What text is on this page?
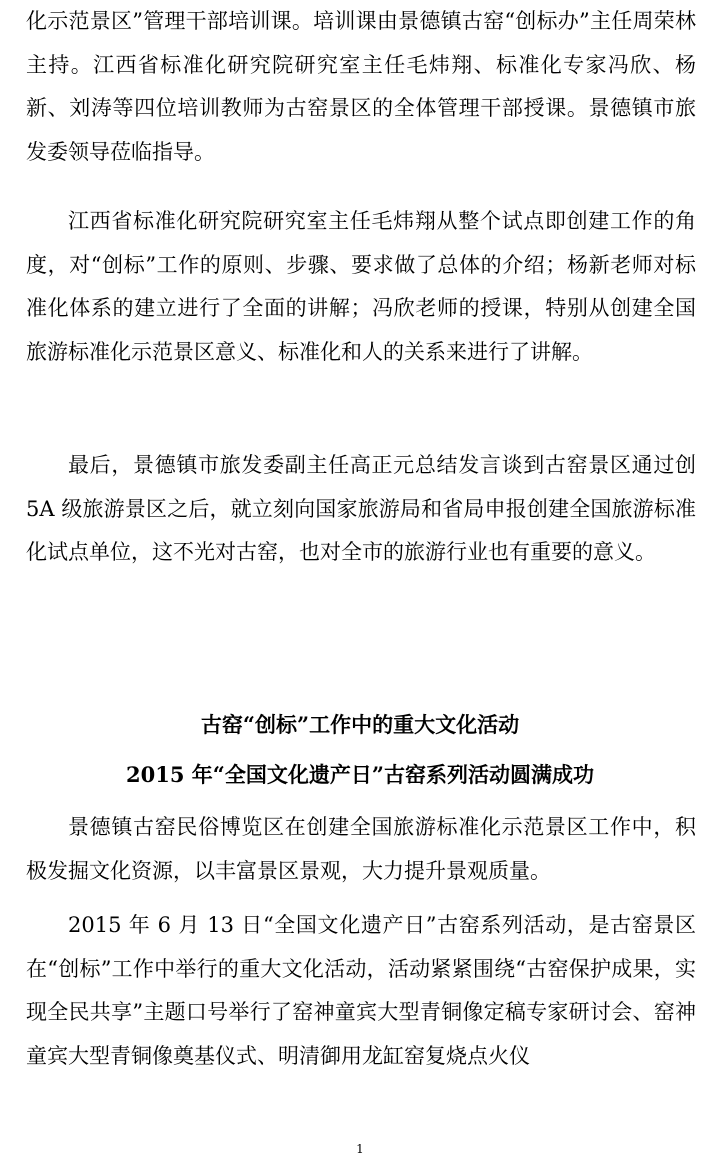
化示范景区”管理干部培训课。培训课由景德镇古窑“创标办”主任周荣林主持。江西省标准化研究院研究室主任毛炜翔、标准化专家冯欣、杨新、刘涛等四位培训教师为古窑景区的全体管理干部授课。景德镇市旅发委领导莅临指导。

江西省标准化研究院研究室主任毛炜翔从整个试点即创建工作的角度，对“创标”工作的原则、步骤、要求做了总体的介绍；杨新老师对标准化体系的建立进行了全面的讲解；冯欣老师的授课，特别从创建全国旅游标准化示范景区意义、标准化和人的关系来进行了讲解。

最后，景德镇市旅发委副主任高正元总结发言谈到古窑景区通过创 5A 级旅游景区之后，就立刻向国家旅游局和省局申报创建全国旅游标准化试点单位，这不光对古窑，也对全市的旅游行业也有重要的意义。

古窑“创标”工作中的重大文化活动
2015 年“全国文化遗产日”古窑系列活动圆满成功

景德镇古窑民俗博览区在创建全国旅游标准化示范景区工作中，积极发掘文化资源，以丰富景区景观，大力提升景观质量。

2015 年 6 月 13 日“全国文化遗产日”古窑系列活动，是古窑景区在“创标”工作中举行的重大文化活动，活动紧紧围绕“古窑保护成果，实现全民共享”主题口号举行了窑神童宾大型青铜像定稿专家研讨会、窑神童宾大型青铜像奠基仪式、明清御用龙缸窑复烧点火仪

1
